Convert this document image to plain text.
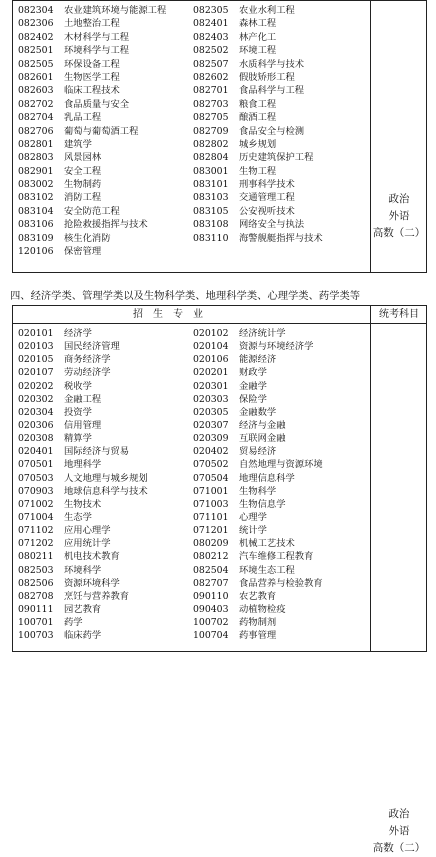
082304 农业建筑环境与能源工程	082305 农业水利工程
082306 土地整治工程	082401 森林工程
082402 木材科学与工程	082403 林产化工
082501 环境科学与工程	082502 环境工程
082505 环保设备工程	082507 水质科学与技术
082601 生物医学工程	082602 假肢矫形工程
082603 临床工程技术	082701 食品科学与工程
082702 食品质量与安全	082703 粮食工程
082704 乳品工程	082705 酿酒工程
082706 葡萄与葡萄酒工程	082709 食品安全与检测
082801 建筑学	082802 城乡规划
082803 风景园林	082804 历史建筑保护工程
082901 安全工程	083001 生物工程
083002 生物制药	083101 刑事科学技术
083102 消防工程	083103 交通管理工程
083104 安全防范工程	083105 公安视听技术
083106 抢险救援指挥与技术	083108 网络安全与执法
083109 核生化消防	083110 海警舰艇指挥与技术
120106 保密管理
政治
外语
高数（二）
四、经济学类、管理学类以及生物科学类、地理科学类、心理学类、药学类等
招生专业	统考科目
020101 经济学	020102 经济统计学
020103 国民经济管理	020104 资源与环境经济学
020105 商务经济学	020106 能源经济
020107 劳动经济学	020201 财政学
020202 税收学	020301 金融学
020302 金融工程	020303 保险学
020304 投资学	020305 金融数学
020306 信用管理	020307 经济与金融
020308 精算学	020309 互联网金融
020401 国际经济与贸易	020402 贸易经济
070501 地理科学	070502 自然地理与资源环境
070503 人文地理与城乡规划	070504 地理信息科学
070903 地球信息科学与技术	071001 生物科学
071002 生物技术	071003 生物信息学
071004 生态学	071101 心理学
071102 应用心理学	071201 统计学
071202 应用统计学	080209 机械工艺技术
080211 机电技术教育	080212 汽车维修工程教育
082503 环境科学	082504 环境生态工程
082506 资源环境科学	082707 食品营养与检验教育
082708 烹饪与营养教育	090110 农艺教育
090111 园艺教育	090403 动植物检疫
100701 药学	100702 药物制剂
100703 临床药学	100704 药事管理
政治
外语
高数（二）
